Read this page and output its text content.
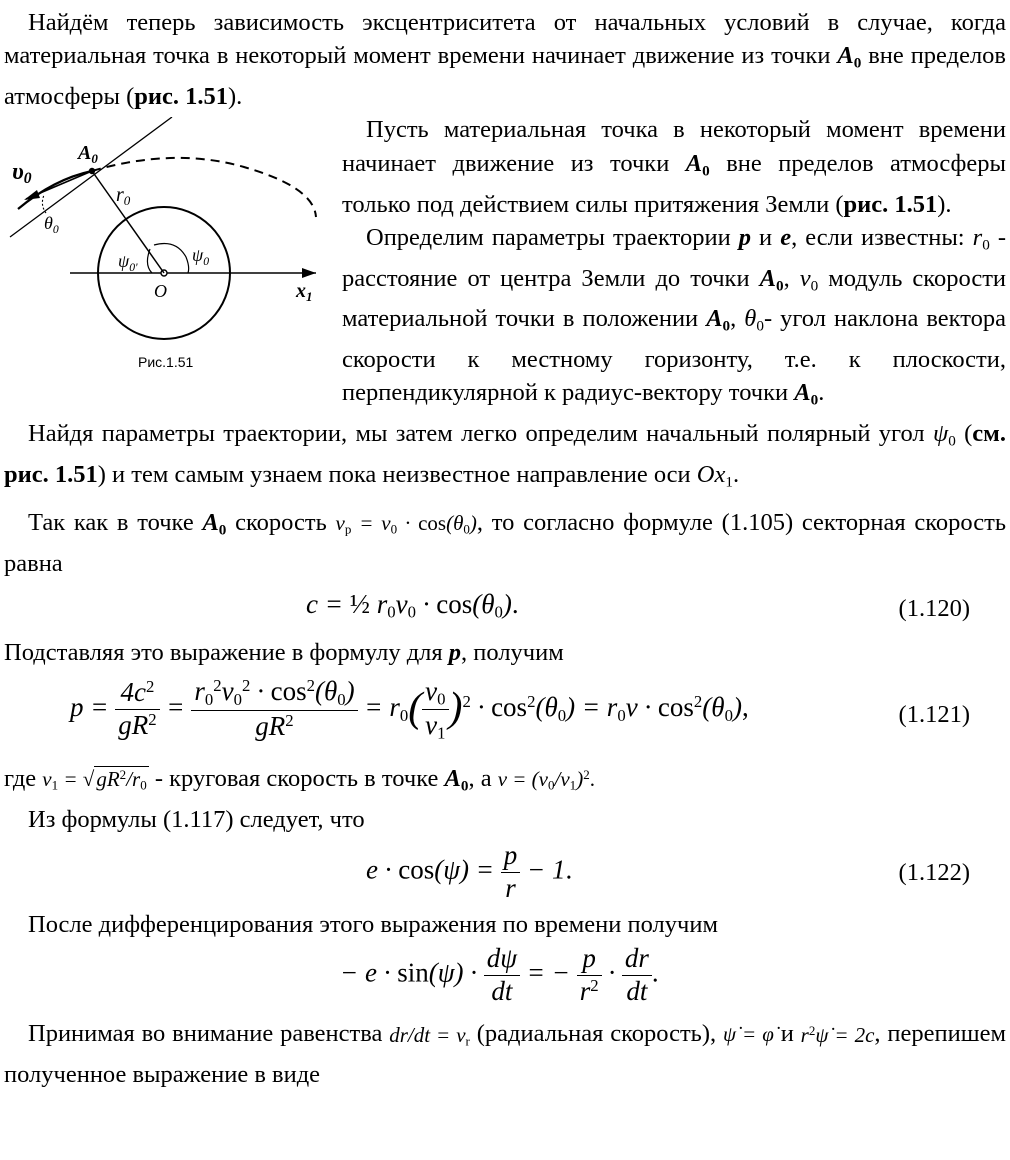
Найдём теперь зависимость эксцентриситета от начальных условий в случае, когда материальная точка в некоторый момент времени начинает движение из точки $A_0$ вне пределов атмосферы (рис. 1.51).

υ0
$A_0$
$r_0$
$\theta_0$
$\psi_{0'}$
$\psi_0$
O	$x_1$
Рис.1.51

Пусть материальная точка в некоторый момент времени начинает движение из точки $A_0$ вне пределов атмосферы только под действием силы притяжения Земли (рис. 1.51).

Определим параметры траектории p и e, если известны: $r_0$ - расстояние от центра Земли до точки $A_0$, $v_0$ модуль скорости материальной точки в положении $A_0$, $\theta_0-$ угол наклона вектора скорости к местному горизонту, т.е. к плоскости, перпендикулярной к радиус-вектору точки $A_0$.

Найдя параметры траектории, мы затем легко определим начальный полярный угол $\psi_0$ (см. рис. 1.51) и тем самым узнаем пока неизвестное направление оси $Ox_1$.

Так как в точке $A_0$ скорость $v_p = v_0 \cdot \cos(\theta_0)$, то согласно формуле (1.105) секторная скорость равна

c = ½ $r_0v_0 \cdot \cos(\theta_0)$.	(1.120)

Подставляя это выражение в формулу для p, получим

$p = \frac{4c^2}{gR^2} = \frac{r_0^2v_0^2 \cdot \cos^2(\theta_0)}{gR^2} = r_0( \frac{v_0}{v_1} )^2 \cdot \cos^2(\theta_0) = r_0v \cdot \cos^2(\theta_0)$,	(1.121)

где $v_1 = √gR^2/r_0$ - круговая скорость в точке $A_0$, а $v = (v_0/v_1)^2$.

Из формулы (1.117) следует, что

$e \cdot \cos(\psi) = \frac{p}{r} - 1$.	(1.122)

После дифференцирования этого выражения по времени получим

− $e \cdot \sin(\psi) \cdot \frac{d\psi}{dt}$ = − $\frac{p}{r^2} \cdot \frac{dr}{dt}$ .

Принимая во внимание равенства $dr/dt = v_r$ (радиальная скорость), ψ̇ = φ̇ и $r^2\psi̇ = 2c$, перепишем полученное выражение в виде
